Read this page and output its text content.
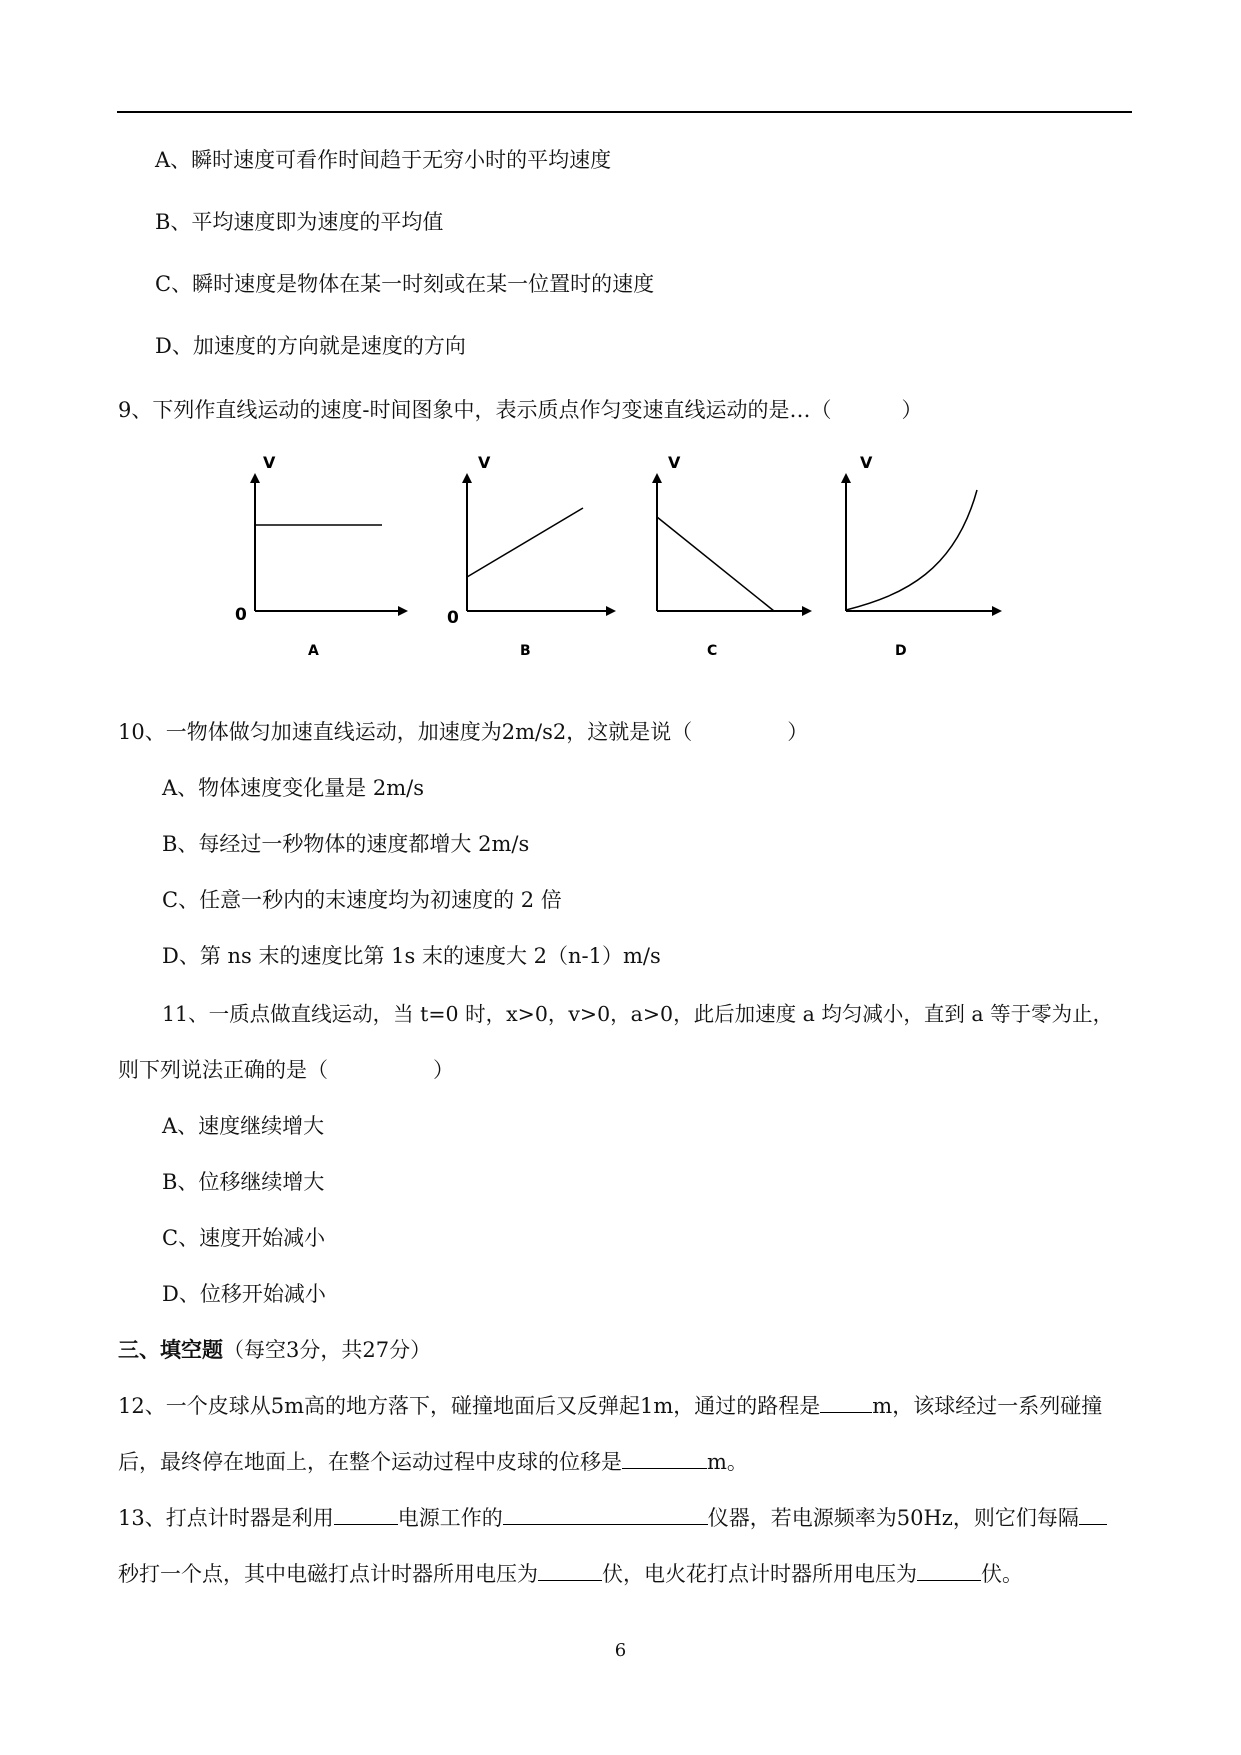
A、瞬时速度可看作时间趋于无穷小时的平均速度
B、平均速度即为速度的平均值
C、瞬时速度是物体在某一时刻或在某一位置时的速度
D、加速度的方向就是速度的方向
9、下列作直线运动的速度-时间图象中，表示质点作匀变速直线运动的是…（	）
V
0
A
V
0
B
V
C
V
D
10、一物体做匀加速直线运动，加速度为2m/s2，这就是说（	）
A、物体速度变化量是 2m/s
B、每经过一秒物体的速度都增大 2m/s
C、任意一秒内的末速度均为初速度的 2 倍
D、第 ns 末的速度比第 1s 末的速度大 2（n-1）m/s
11、一质点做直线运动，当 t=0 时，x>0，v>0，a>0，此后加速度 a 均匀减小，直到 a 等于零为止，
则下列说法正确的是（	）
A、速度继续增大
B、位移继续增大
C、速度开始减小
D、位移开始减小
三、填空题（每空3分，共27分）
12、一个皮球从5m高的地方落下，碰撞地面后又反弹起1m，通过的路程是 m，该球经过一系列碰撞
后，最终停在地面上，在整个运动过程中皮球的位移是	m。
13、打点计时器是利用	电源工作的	仪器，若电源频率为50Hz，则它们每隔
秒打一个点，其中电磁打点计时器所用电压为	伏，电火花打点计时器所用电压为	伏。
6
